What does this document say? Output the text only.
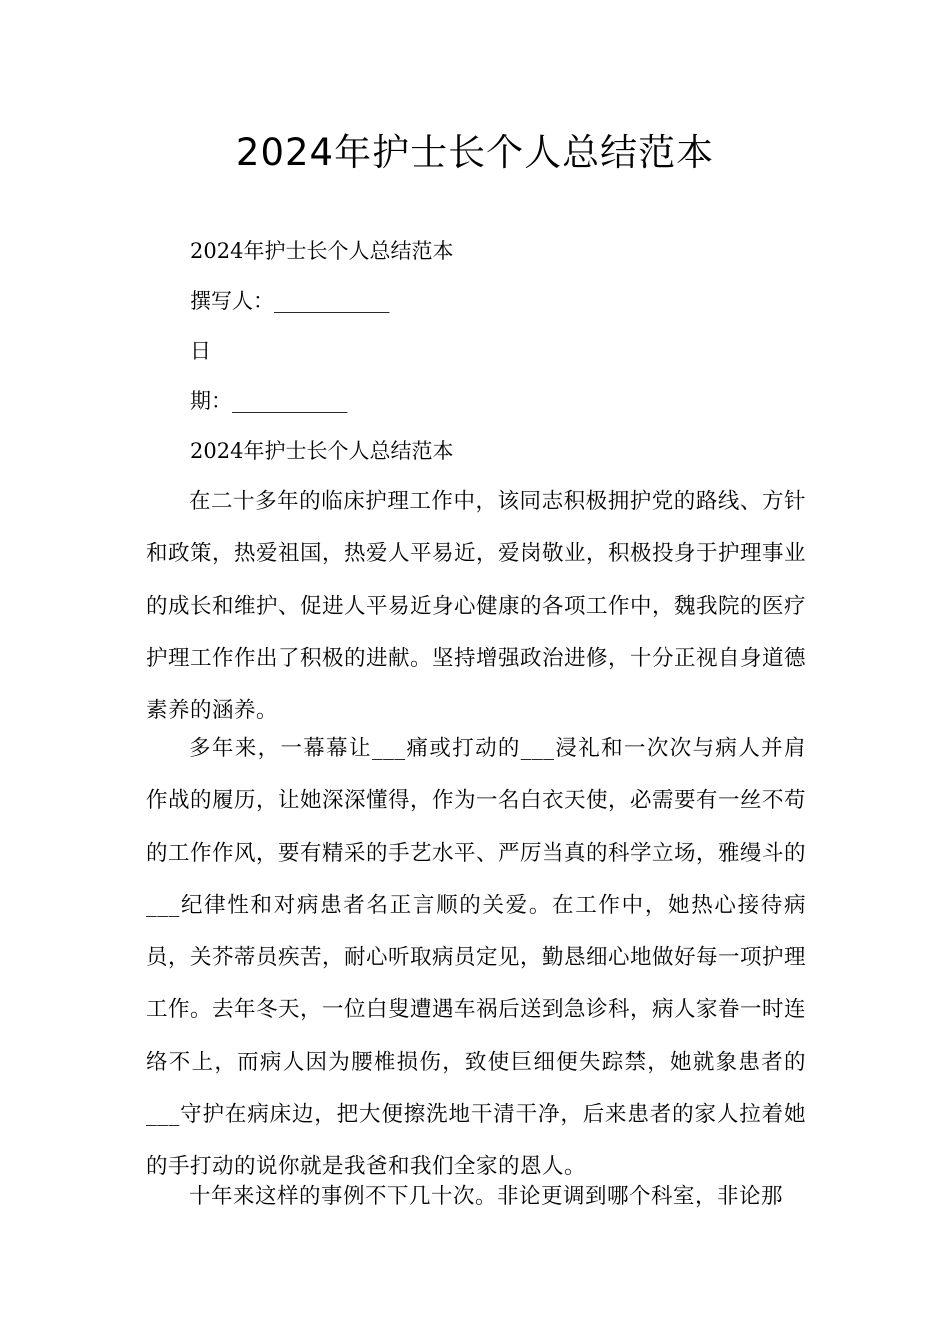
2024年护士长个人总结范本
2024年护士长个人总结范本
撰写人：___________
日
期：___________
2024年护士长个人总结范本

在二十多年的临床护理工作中，该同志积极拥护党的路线、方针和政策，热爱祖国，热爱人平易近，爱岗敬业，积极投身于护理事业的成长和维护、促进人平易近身心健康的各项工作中，魏我院的医疗护理工作作出了积极的进献。坚持增强政治进修，十分正视自身道德素养的涵养。

多年来，一幕幕让___痛或打动的___浸礼和一次次与病人并肩作战的履历，让她深深懂得，作为一名白衣天使，必需要有一丝不苟的工作作风，要有精采的手艺水平、严厉当真的科学立场，雅缦斗的___纪律性和对病患者名正言顺的关爱。在工作中，她热心接待病员，关芥蒂员疾苦，耐心听取病员定见，勤恳细心地做好每一项护理工作。去年冬天，一位白叟遭遇车祸后送到急诊科，病人家眷一时连络不上，而病人因为腰椎损伤，致使巨细便失踪禁，她就象患者的___守护在病床边，把大便擦洗地干清干净，后来患者的家人拉着她的手打动的说你就是我爸和我们全家的恩人。

十年来这样的事例不下几十次。非论更调到哪个科室，非论那
